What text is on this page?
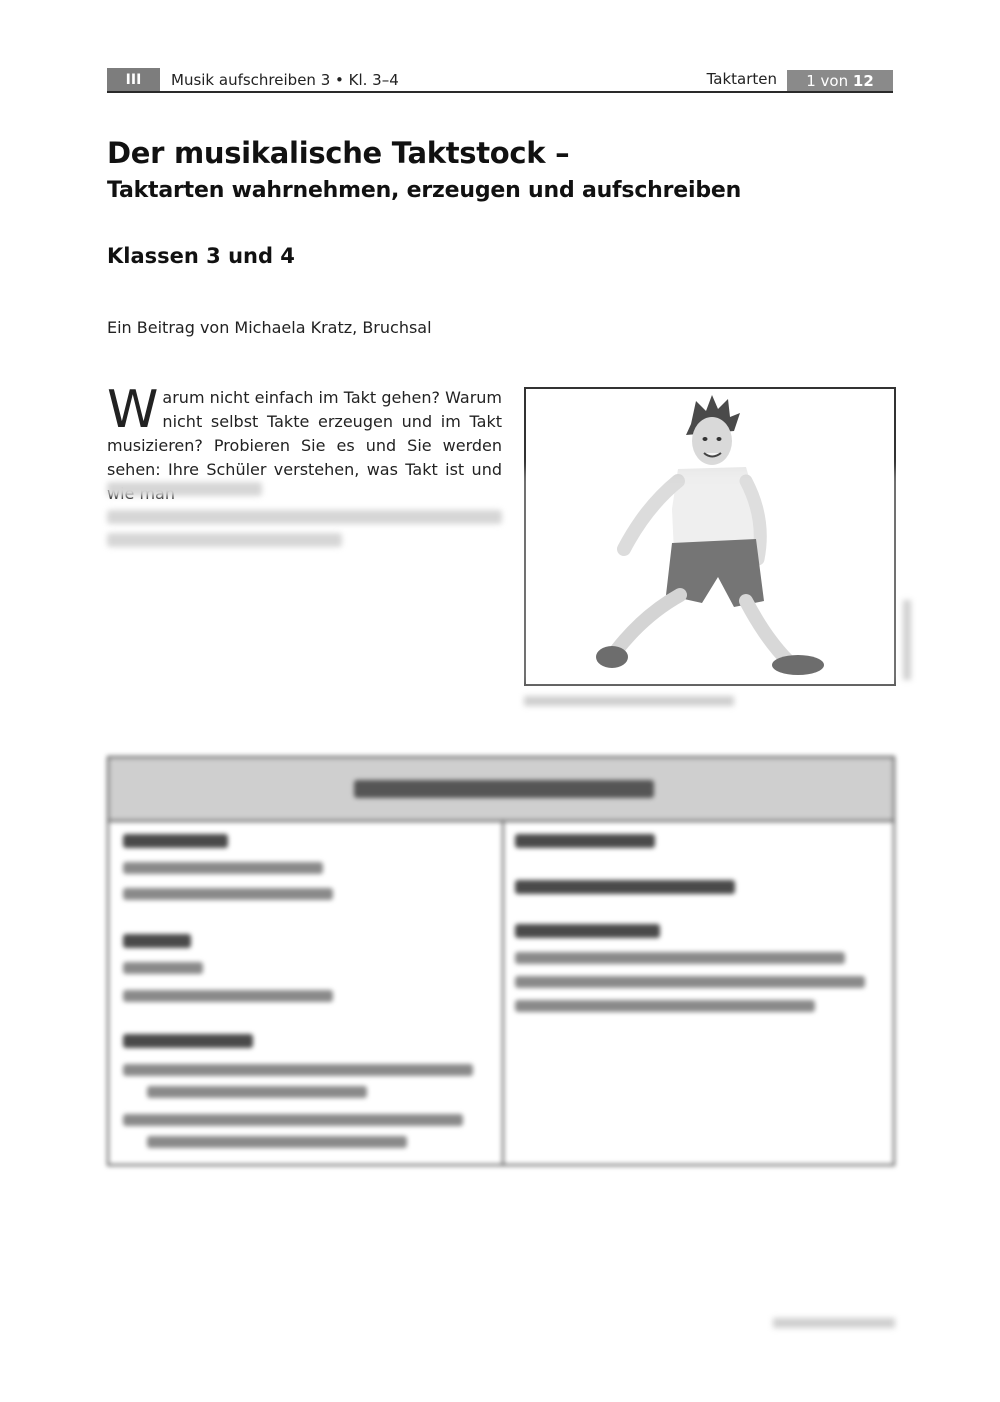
III	Musik aufschreiben 3 • Kl. 3–4	Taktarten	1 von 12
Der musikalische Taktstock –
Taktarten wahrnehmen, erzeugen und aufschreiben
Klassen 3 und 4
Ein Beitrag von Michaela Kratz, Bruchsal
W arum nicht einfach im Takt gehen? Warum nicht selbst Takte erzeugen und im Takt musizieren? Probieren Sie es und Sie werden sehen: Ihre Schüler verstehen, was Takt ist und
